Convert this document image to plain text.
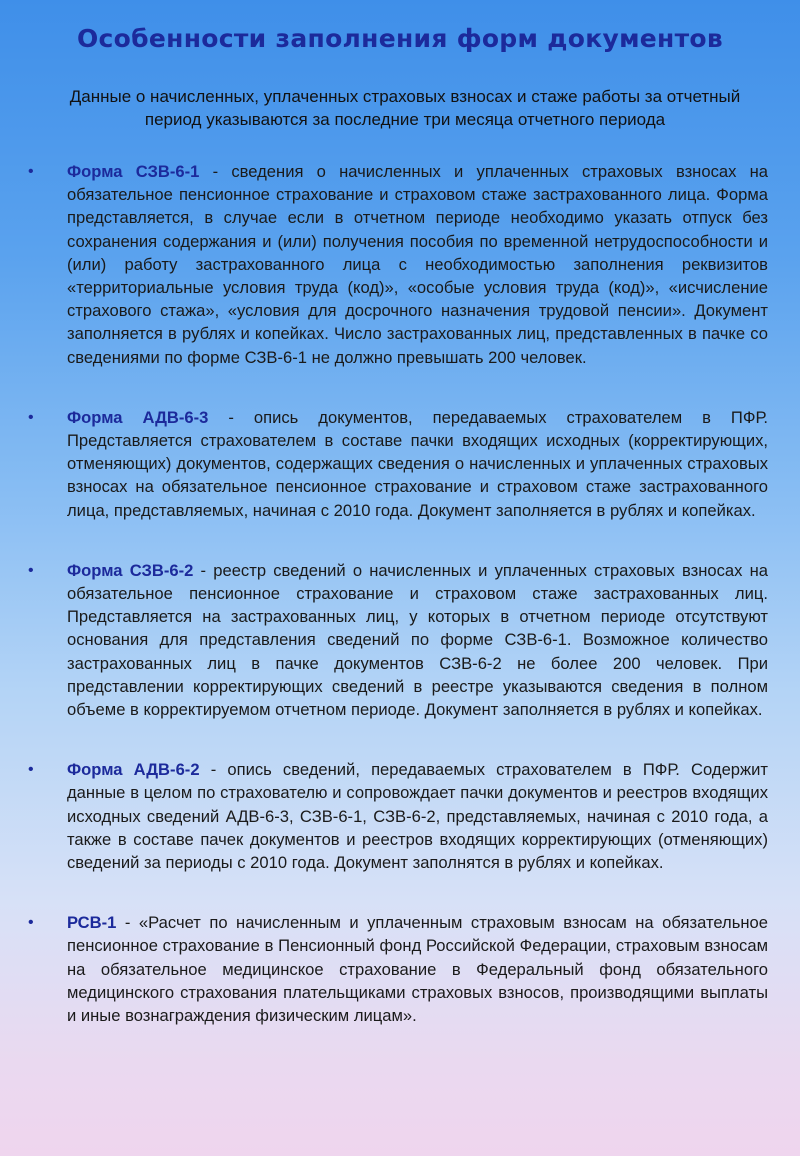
Особенности заполнения форм документов

Данные о начисленных, уплаченных страховых взносах и стаже работы за отчетный период указываются за последние три месяца отчетного периода

• Форма СЗВ-6-1 - сведения о начисленных и уплаченных страховых взносах на обязательное пенсионное страхование и страховом стаже застрахованного лица. Форма представляется, в случае если в отчетном периоде необходимо указать отпуск без сохранения содержания и (или) получения пособия по временной нетрудоспособности и (или) работу застрахованного лица с необходимостью заполнения реквизитов «территориальные условия труда (код)», «особые условия труда (код)», «исчисление страхового стажа», «условия для досрочного назначения трудовой пенсии». Документ заполняется в рублях и копейках. Число застрахованных лиц, представленных в пачке со сведениями по форме СЗВ-6-1 не должно превышать 200 человек.
• Форма АДВ-6-3 - опись документов, передаваемых страхователем в ПФР. Представляется страхователем в составе пачки входящих исходных (корректирующих, отменяющих) документов, содержащих сведения о начисленных и уплаченных страховых взносах на обязательное пенсионное страхование и страховом стаже застрахованного лица, представляемых, начиная с 2010 года. Документ заполняется в рублях и копейках.
• Форма СЗВ-6-2 - реестр сведений о начисленных и уплаченных страховых взносах на обязательное пенсионное страхование и страховом стаже застрахованных лиц. Представляется на застрахованных лиц, у которых в отчетном периоде отсутствуют основания для представления сведений по форме СЗВ-6-1. Возможное количество застрахованных лиц в пачке документов СЗВ-6-2 не более 200 человек. При представлении корректирующих сведений в реестре указываются сведения в полном объеме в корректируемом отчетном периоде. Документ заполняется в рублях и копейках.
• Форма АДВ-6-2 - опись сведений, передаваемых страхователем в ПФР. Содержит данные в целом по страхователю и сопровождает пачки документов и реестров входящих исходных сведений АДВ-6-3, СЗВ-6-1, СЗВ-6-2, представляемых, начиная с 2010 года, а также в составе пачек документов и реестров входящих корректирующих (отменяющих) сведений за периоды с 2010 года. Документ заполнятся в рублях и копейках.
• РСВ-1 - «Расчет по начисленным и уплаченным страховым взносам на обязательное пенсионное страхование в Пенсионный фонд Российской Федерации, страховым взносам на обязательное медицинское страхование в Федеральный фонд обязательного медицинского страхования плательщиками страховых взносов, производящими выплаты и иные вознаграждения физическим лицам».
